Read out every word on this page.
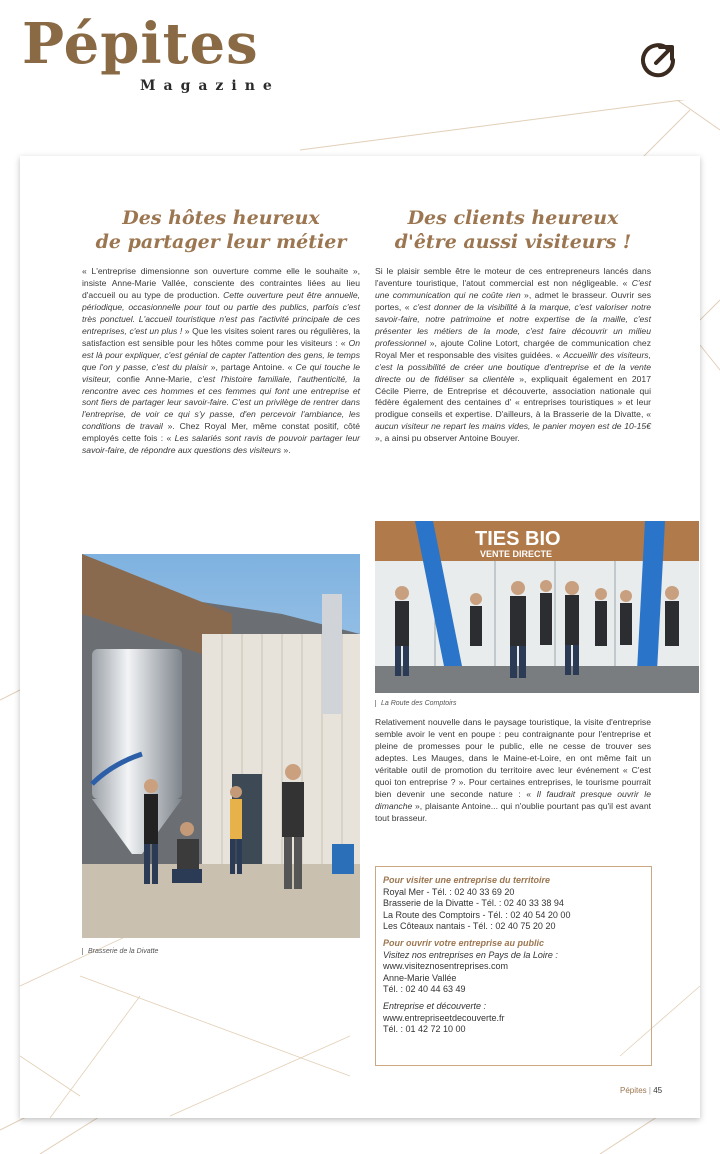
Pépites
Magazine
Des hôtes heureux
de partager leur métier
« L'entreprise dimensionne son ouverture comme elle le souhaite », insiste Anne-Marie Vallée, consciente des contraintes liées au lieu d'accueil ou au type de production. Cette ouverture peut être annuelle, périodique, occasionnelle pour tout ou partie des publics, parfois c'est très ponctuel. L'accueil touristique n'est pas l'activité principale de ces entreprises, c'est un plus ! » Que les visites soient rares ou régulières, la satisfaction est sensible pour les hôtes comme pour les visiteurs : « On est là pour expliquer, c'est génial de capter l'attention des gens, le temps que l'on y passe, c'est du plaisir », partage Antoine. « Ce qui touche le visiteur, confie Anne-Marie, c'est l'histoire familiale, l'authenticité, la rencontre avec ces hommes et ces femmes qui font une entreprise et sont fiers de partager leur savoir-faire. C'est un privilège de rentrer dans l'entreprise, de voir ce qui s'y passe, d'en percevoir l'ambiance, les conditions de travail ». Chez Royal Mer, même constat positif, côté employés cette fois : « Les salariés sont ravis de pouvoir partager leur savoir-faire, de répondre aux questions des visiteurs ».
Brasserie de la Divatte
Des clients heureux
d'être aussi visiteurs !
Si le plaisir semble être le moteur de ces entrepreneurs lancés dans l'aventure touristique, l'atout commercial est non négligeable. « C'est une communication qui ne coûte rien », admet le brasseur. Ouvrir ses portes, « c'est donner de la visibilité à la marque, c'est valoriser notre savoir-faire, notre patrimoine et notre expertise de la maille, c'est présenter les métiers de la mode, c'est faire découvrir un milieu professionnel », ajoute Coline Lotort, chargée de communication chez Royal Mer et responsable des visites guidées. « Accueillir des visiteurs, c'est la possibilité de créer une boutique d'entreprise et de la vente directe ou de fidéliser sa clientèle », expliquait également en 2017 Cécile Pierre, de Entreprise et découverte, association nationale qui fédère également des centaines d' « entreprises touristiques » et leur prodigue conseils et expertise. D'ailleurs, à la Brasserie de la Divatte, « aucun visiteur ne repart les mains vides, le panier moyen est de 10-15€ », a ainsi pu observer Antoine Bouyer.
TIES BIO
VENTE DIRECTE
La Route des Comptoirs
Relativement nouvelle dans le paysage touristique, la visite d'entreprise semble avoir le vent en poupe : peu contraignante pour l'entreprise et pleine de promesses pour le public, elle ne cesse de trouver ses adeptes. Les Mauges, dans le Maine-et-Loire, en ont même fait un véritable outil de promotion du territoire avec leur événement « C'est quoi ton entreprise ? ». Pour certaines entreprises, le tourisme pourrait bien devenir une seconde nature : « Il faudrait presque ouvrir le dimanche », plaisante Antoine... qui n'oublie pourtant pas qu'il est avant tout brasseur.
Pour visiter une entreprise du territoire
Royal Mer - Tél. : 02 40 33 69 20
Brasserie de la Divatte - Tél. : 02 40 33 38 94
La Route des Comptoirs - Tél. : 02 40 54 20 00
Les Côteaux nantais - Tél. : 02 40 75 20 20
Pour ouvrir votre entreprise au public
Visitez nos entreprises en Pays de la Loire :
www.visiteznosentreprises.com
Anne-Marie Vallée
Tél. : 02 40 44 63 49
Entreprise et découverte :
www.entrepriseetdecouverte.fr
Tél. : 01 42 72 10 00
Pépites | 45
